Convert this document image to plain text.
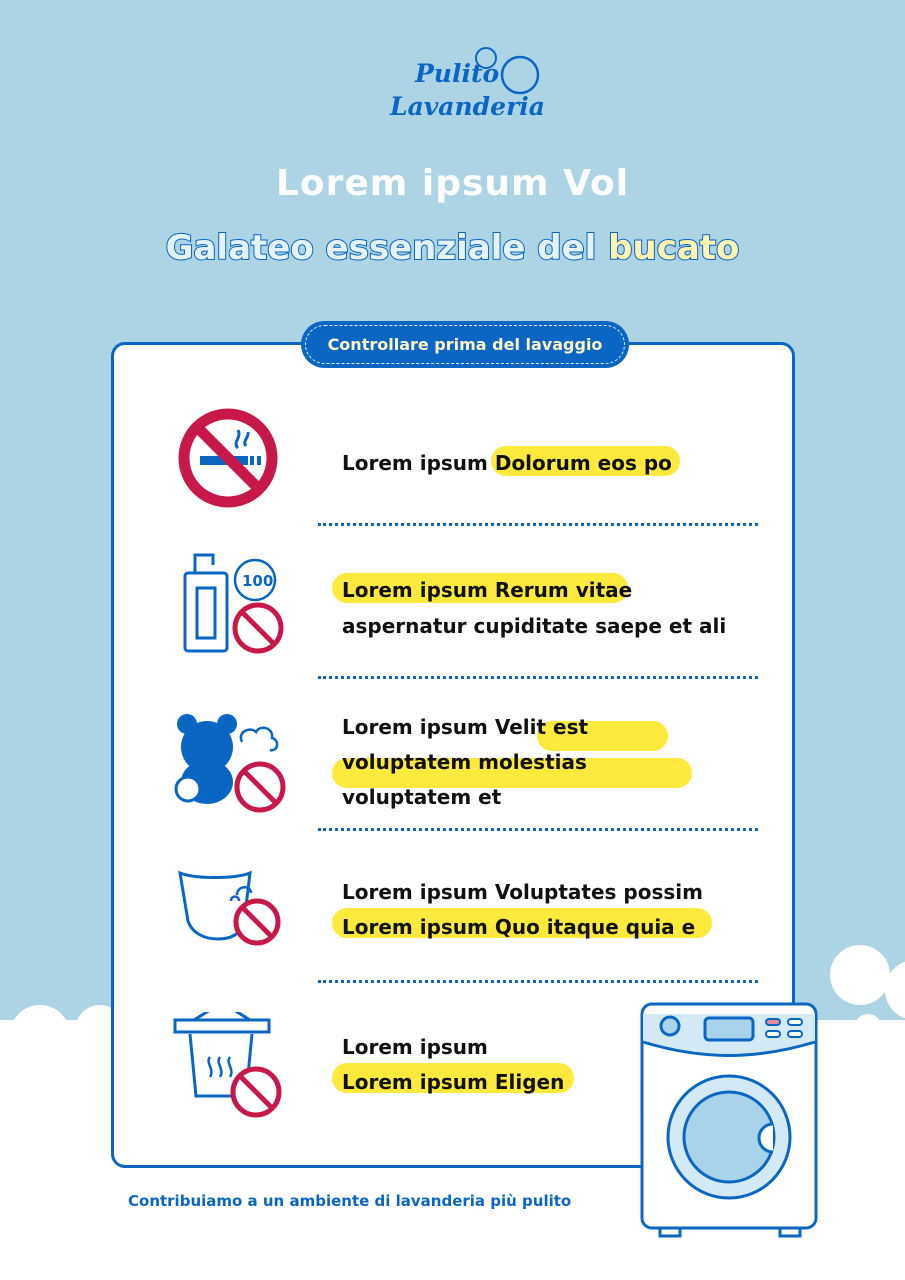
Pulito
Lavanderia
Lorem ipsum Vol
Galateo essenziale del bucato
Controllare prima del lavaggio
100
Lorem ipsum Dolorum eos po
Lorem ipsum Rerum vitae
aspernatur cupiditate saepe et ali
Lorem ipsum Velit est
voluptatem molestias
voluptatem et
Lorem ipsum Voluptates possim
Lorem ipsum Quo itaque quia e
Lorem ipsum
Lorem ipsum Eligen
Contribuiamo a un ambiente di lavanderia più pulito
